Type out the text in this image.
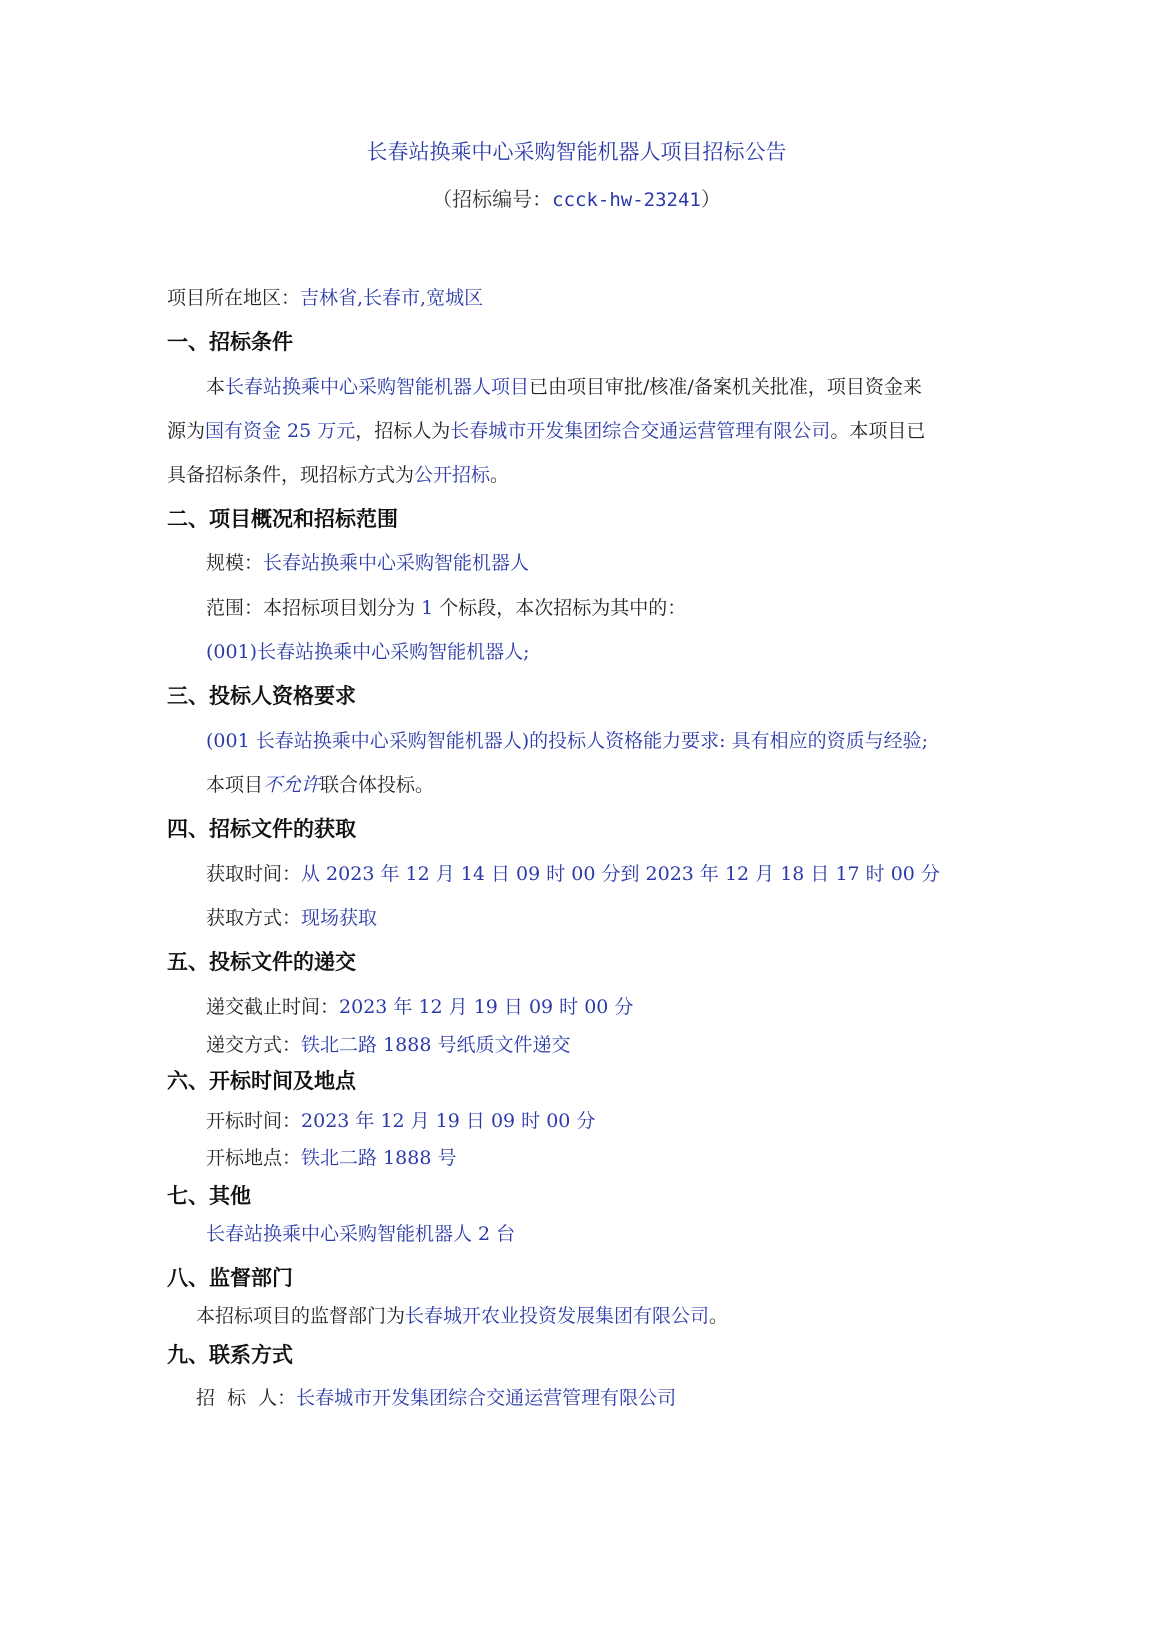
长春站换乘中心采购智能机器人项目招标公告
（招标编号：ccck-hw-23241）
项目所在地区：吉林省,长春市,宽城区
一、招标条件
本长春站换乘中心采购智能机器人项目已由项目审批/核准/备案机关批准，项目资金来
源为国有资金 25 万元，招标人为长春城市开发集团综合交通运营管理有限公司。本项目已
具备招标条件，现招标方式为公开招标。
二、项目概况和招标范围
规模：长春站换乘中心采购智能机器人
范围：本招标项目划分为 1 个标段，本次招标为其中的：
(001)长春站换乘中心采购智能机器人;
三、投标人资格要求
(001 长春站换乘中心采购智能机器人)的投标人资格能力要求: 具有相应的资质与经验;
本项目不允许联合体投标。
四、招标文件的获取
获取时间：从 2023 年 12 月 14 日 09 时 00 分到 2023 年 12 月 18 日 17 时 00 分
获取方式：现场获取
五、投标文件的递交
递交截止时间：2023 年 12 月 19 日 09 时 00 分
递交方式：铁北二路 1888 号纸质文件递交
六、开标时间及地点
开标时间：2023 年 12 月 19 日 09 时 00 分
开标地点：铁北二路 1888 号
七、其他
长春站换乘中心采购智能机器人 2 台
八、监督部门
本招标项目的监督部门为长春城开农业投资发展集团有限公司。
九、联系方式
招  标  人：长春城市开发集团综合交通运营管理有限公司
